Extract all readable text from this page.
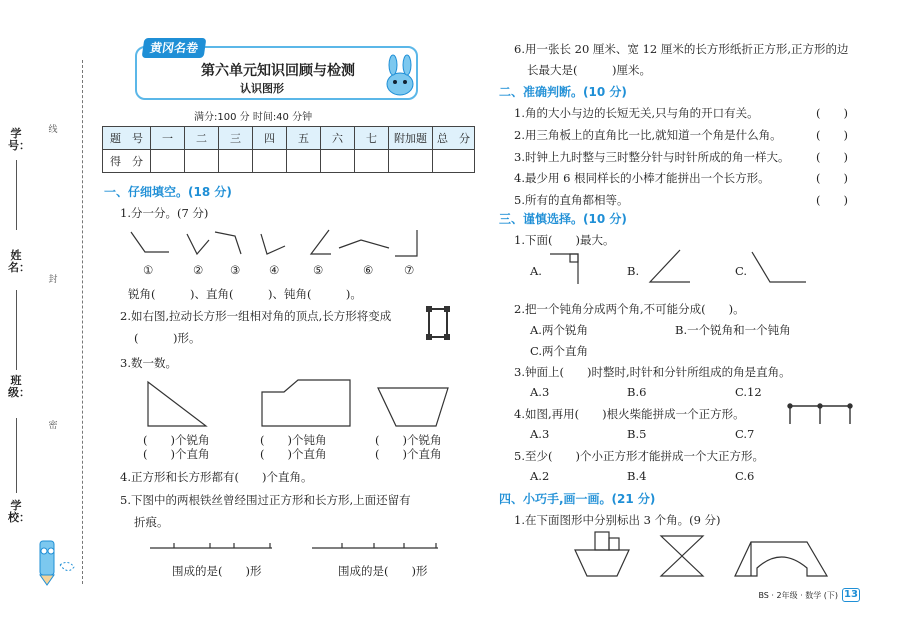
学号：
姓名：
班级：
学校：
线
封
密
黄冈名卷
第六单元知识回顾与检测
认识图形
满分:100 分 时间:40 分钟
题　号	一	二	三	四	五	六	七	附加题	总　分
得　分									
一、仔细填空。(18 分)
1.分一分。(7 分)
①	② ③ ④	⑤	⑥	⑦
锐角(　　　)、直角(　　　)、钝角(　　　)。
2.如右图,拉动长方形一组相对角的顶点,长方形将变成
(　　　)形。
3.数一数。
(　　)个锐角
(　　)个直角
(　　)个钝角
(　　)个直角
(　　)个锐角
(　　)个直角
4.正方形和长方形都有(　　)个直角。
5.下图中的两根铁丝曾经围过正方形和长方形,上面还留有
折痕。
围成的是(　　)形	围成的是(　　)形
6.用一张长 20 厘米、宽 12 厘米的长方形纸折正方形,正方形的边
长最大是(　　　)厘米。
二、准确判断。(10 分)
1.角的大小与边的长短无关,只与角的开口有关。
2.用三角板上的直角比一比,就知道一个角是什么角。
3.时钟上九时整与三时整分针与时针所成的角一样大。
4.最少用 6 根同样长的小棒才能拼出一个长方形。
5.所有的直角都相等。
(　　)
(　　)
(　　)
(　　)
(　　)
三、谨慎选择。(10 分)
1.下面(　　)最大。
A.	B.	C.
2.把一个钝角分成两个角,不可能分成(　　)。
A.两个锐角	B.一个锐角和一个钝角
C.两个直角
3.钟面上(　　)时整时,时针和分针所组成的角是直角。
A.3	B.6	C.12
4.如图,再用(　　)根火柴能拼成一个正方形。
A.3	B.5	C.7
5.至少(　　)个小正方形才能拼成一个大正方形。
A.2	B.4	C.6
四、小巧手,画一画。(21 分)
1.在下面图形中分别标出 3 个角。(9 分)
BS · 2年级 · 数学 (下) 13
